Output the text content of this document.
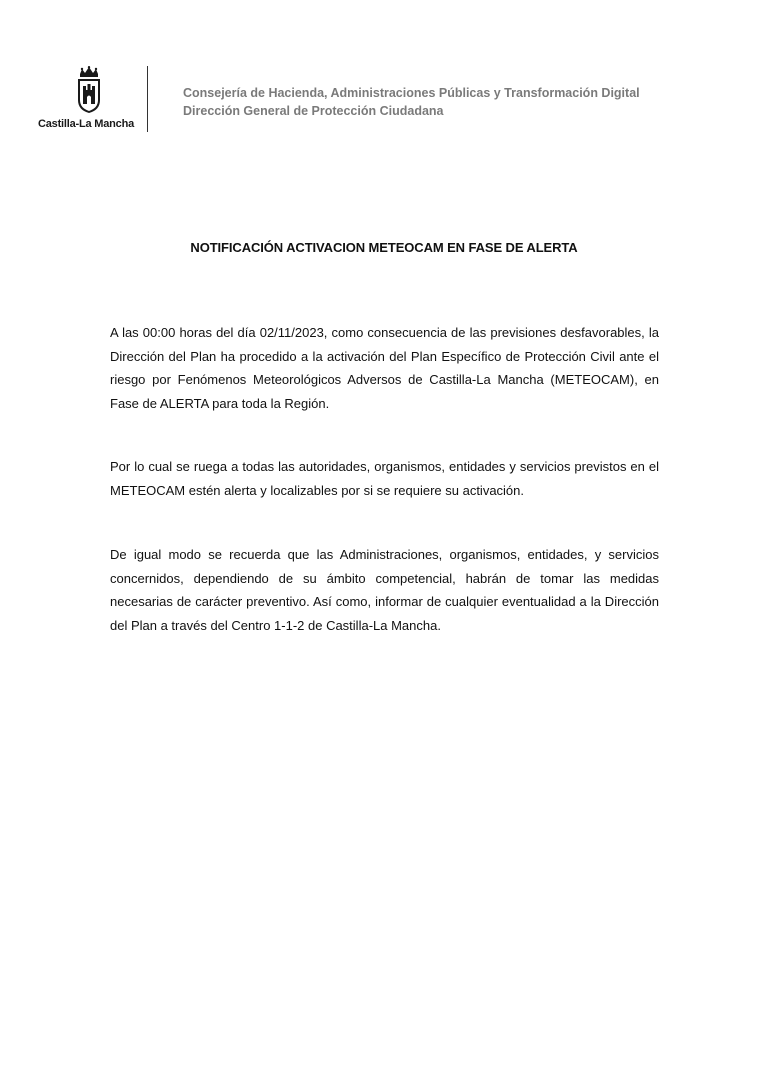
Castilla-La Mancha
Consejería de Hacienda, Administraciones Públicas y Transformación Digital
Dirección General de Protección Ciudadana
NOTIFICACIÓN ACTIVACION METEOCAM EN FASE DE ALERTA
A las 00:00 horas del día 02/11/2023, como consecuencia de las previsiones desfavorables, la Dirección del Plan ha procedido a la activación del Plan Específico de Protección Civil ante el riesgo por Fenómenos Meteorológicos Adversos de Castilla-La Mancha (METEOCAM), en Fase de ALERTA para toda la Región.
Por lo cual se ruega a todas las autoridades, organismos, entidades y servicios previstos en el METEOCAM estén alerta y localizables por si se requiere su activación.
De igual modo se recuerda que las Administraciones, organismos, entidades, y servicios concernidos, dependiendo de su ámbito competencial, habrán de tomar las medidas necesarias de carácter preventivo. Así como, informar de cualquier eventualidad a la Dirección del Plan a través del Centro 1-1-2 de Castilla-La Mancha.
